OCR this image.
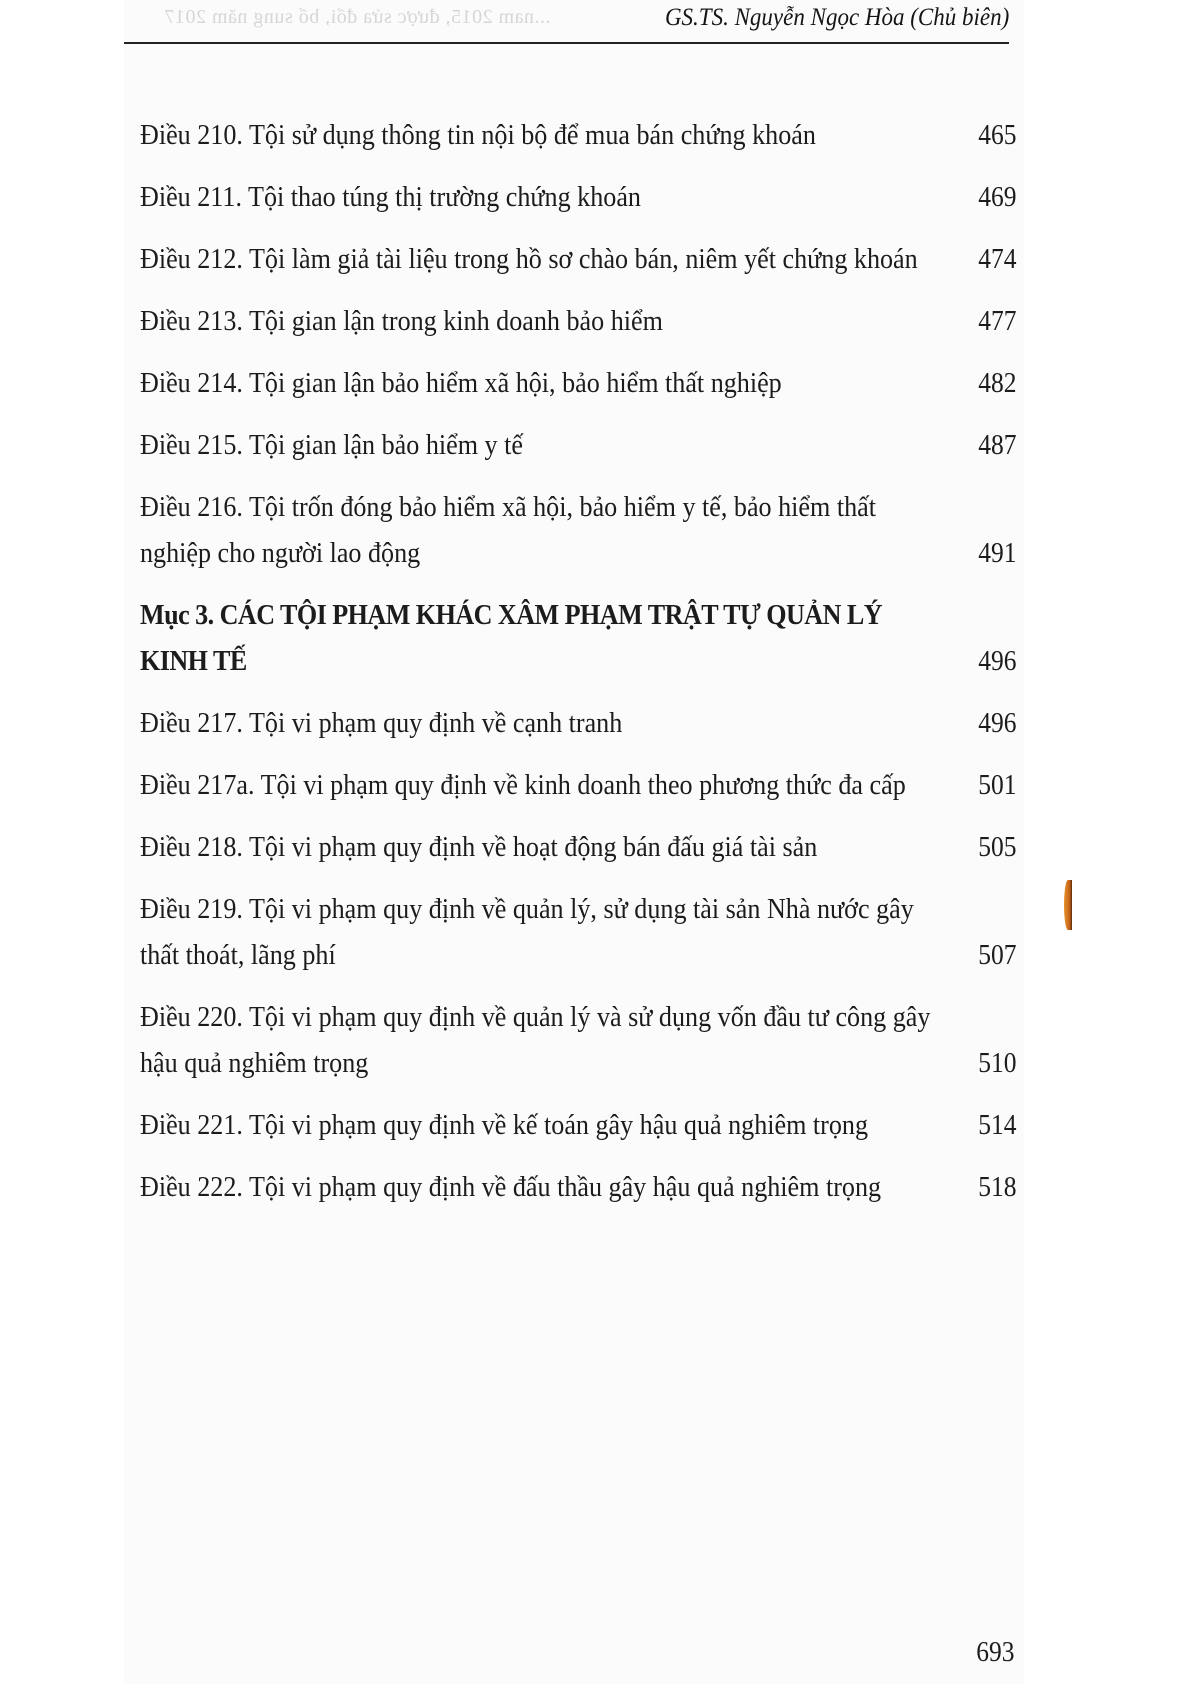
...nam 2015, được sửa đổi, bổ sung năm 2017	GS.TS. Nguyễn Ngọc Hòa (Chủ biên)
Điều 210. Tội sử dụng thông tin nội bộ để mua bán chứng khoán	465
Điều 211. Tội thao túng thị trường chứng khoán	469
Điều 212. Tội làm giả tài liệu trong hồ sơ chào bán, niêm yết chứng khoán	474
Điều 213. Tội gian lận trong kinh doanh bảo hiểm	477
Điều 214. Tội gian lận bảo hiểm xã hội, bảo hiểm thất nghiệp	482
Điều 215. Tội gian lận bảo hiểm y tế	487
Điều 216. Tội trốn đóng bảo hiểm xã hội, bảo hiểm y tế, bảo hiểm thất nghiệp cho người lao động	491
Mục 3. CÁC TỘI PHẠM KHÁC XÂM PHẠM TRẬT TỰ QUẢN LÝ KINH TẾ	496
Điều 217. Tội vi phạm quy định về cạnh tranh	496
Điều 217a. Tội vi phạm quy định về kinh doanh theo phương thức đa cấp	501
Điều 218. Tội vi phạm quy định về hoạt động bán đấu giá tài sản	505
Điều 219. Tội vi phạm quy định về quản lý, sử dụng tài sản Nhà nước gây thất thoát, lãng phí	507
Điều 220. Tội vi phạm quy định về quản lý và sử dụng vốn đầu tư công gây hậu quả nghiêm trọng	510
Điều 221. Tội vi phạm quy định về kế toán gây hậu quả nghiêm trọng	514
Điều 222. Tội vi phạm quy định về đấu thầu gây hậu quả nghiêm trọng	518
693
